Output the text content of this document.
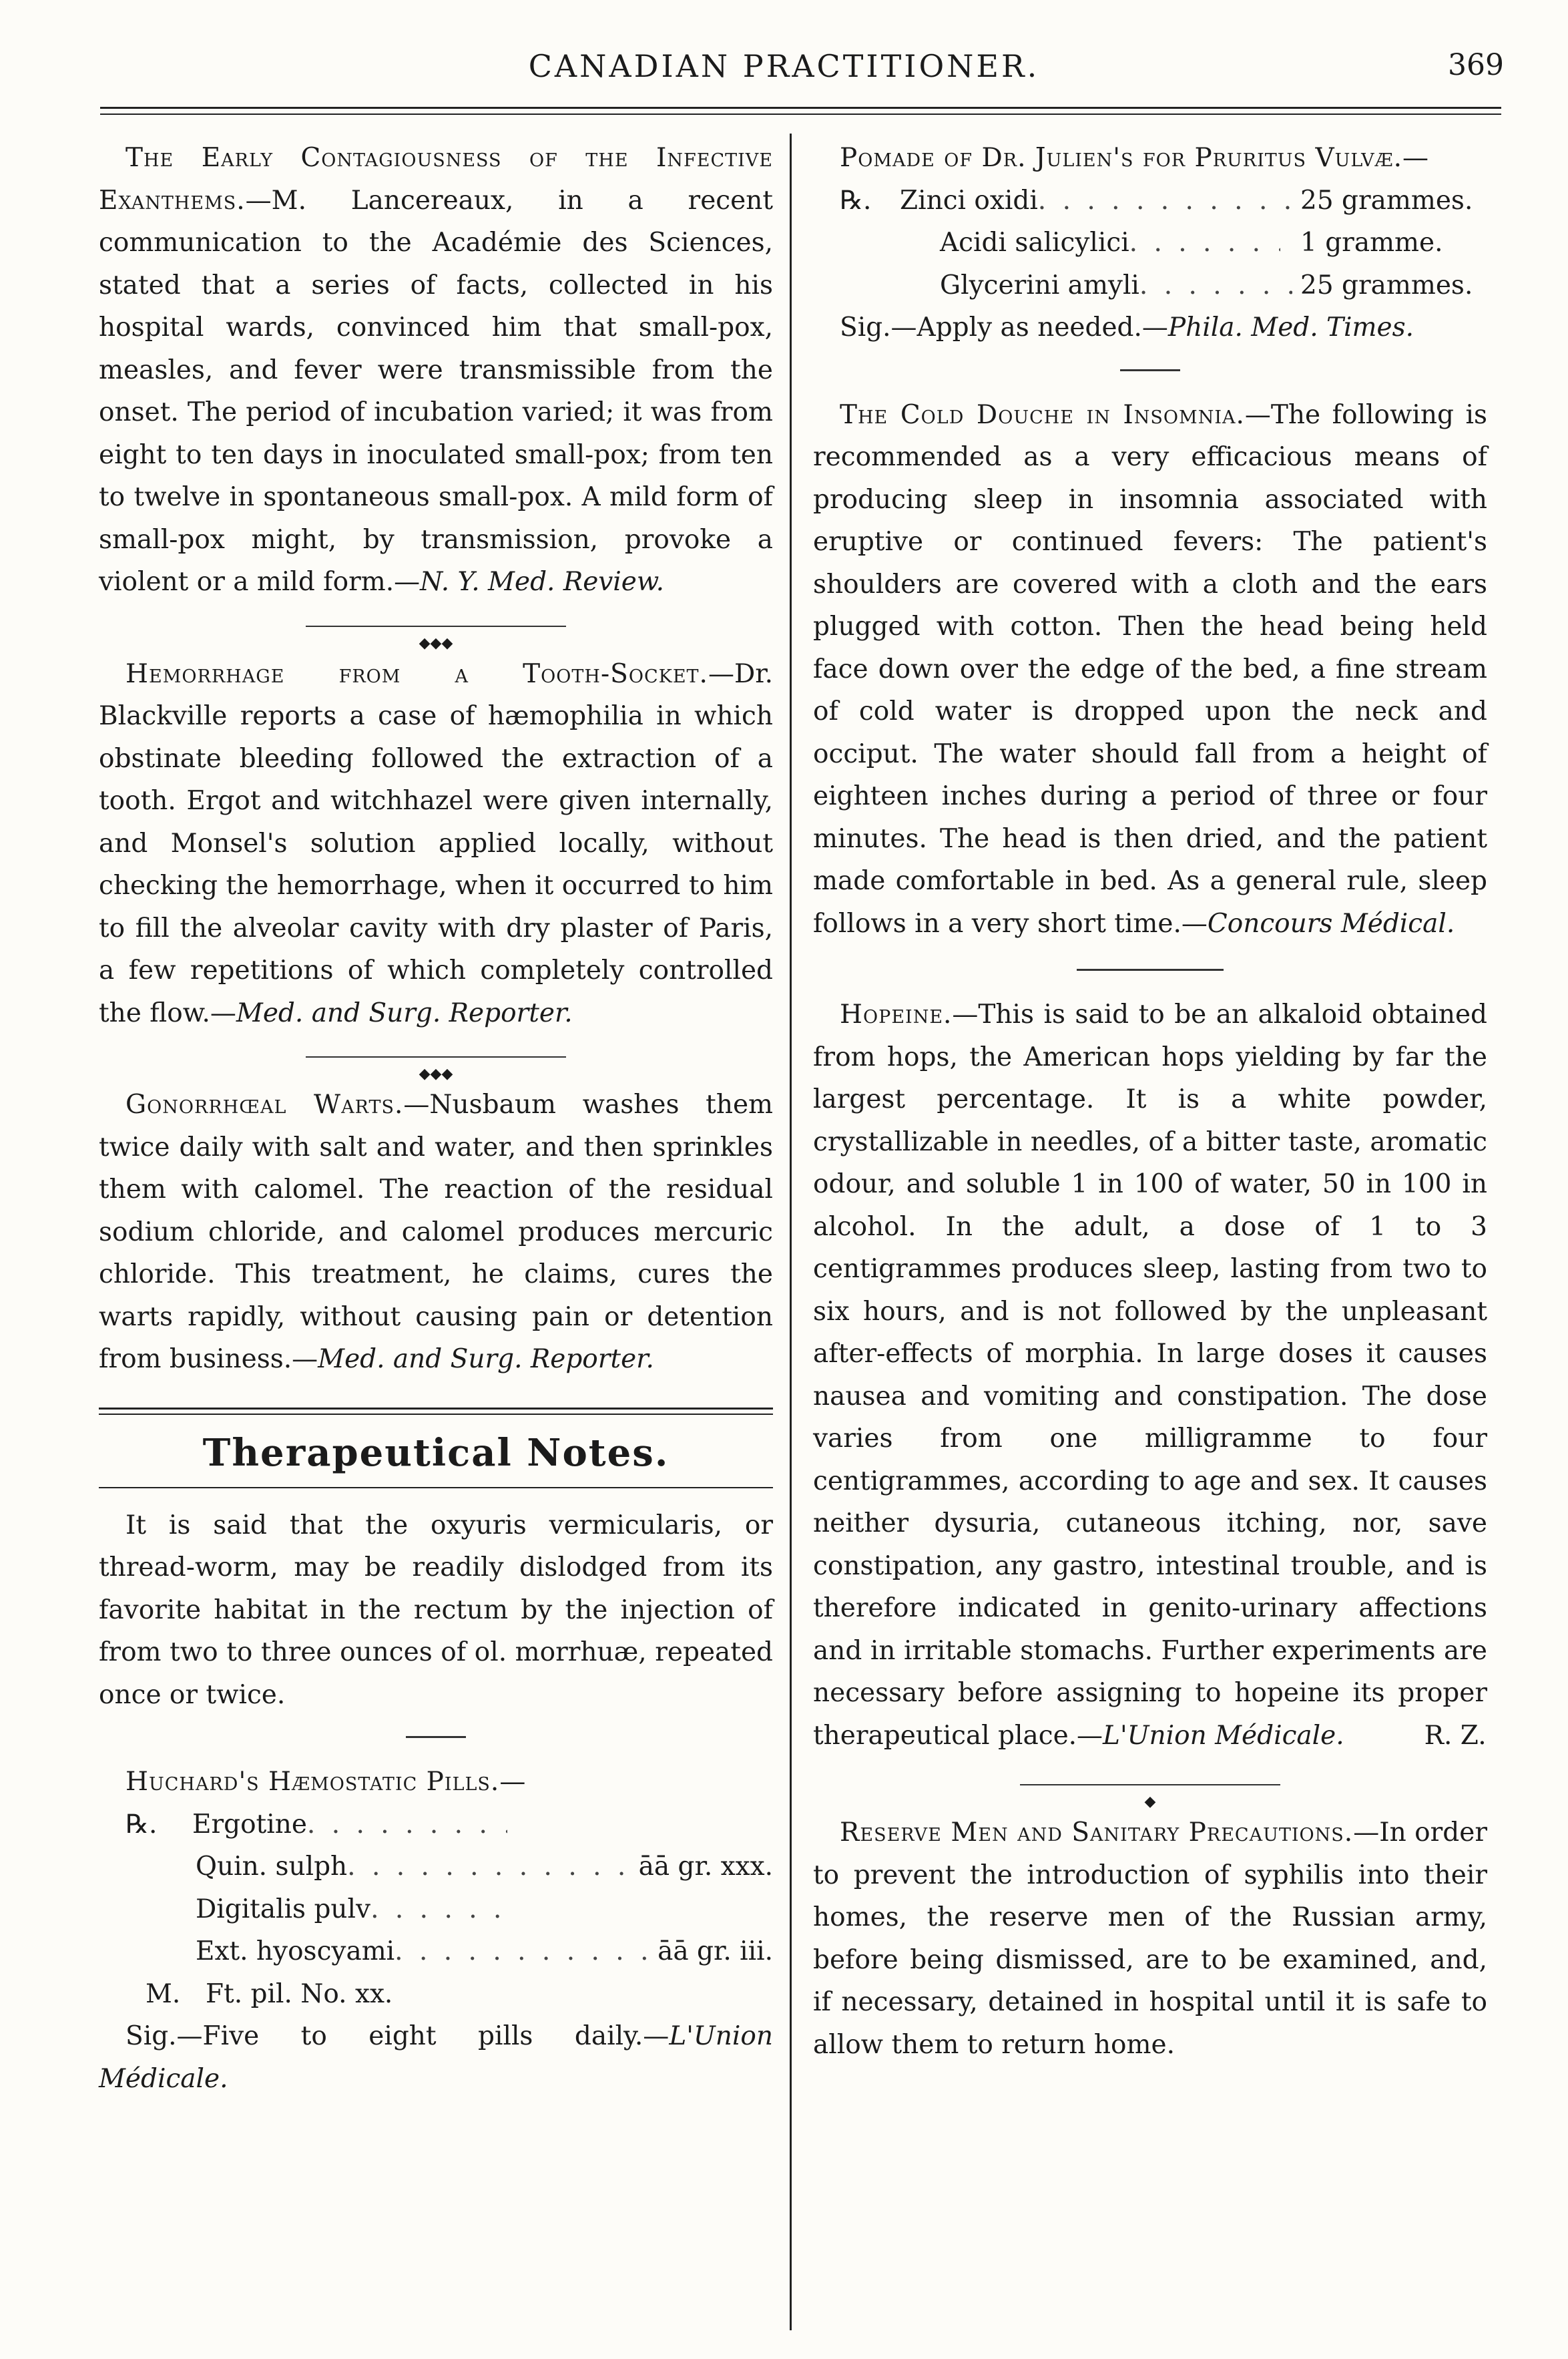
CANADIAN PRACTITIONER.	369

The Early Contagiousness of the Infective Exanthems.—M. Lancereaux, in a recent communication to the Académie des Sciences, stated that a series of facts, collected in his hospital wards, convinced him that small-pox, measles, and fever were transmissible from the onset. The period of incubation varied; it was from eight to ten days in inoculated small-pox; from ten to twelve in spontaneous small-pox. A mild form of small-pox might, by transmission, provoke a violent or a mild form.—N. Y. Med. Review.

◆◆◆

Hemorrhage from a Tooth-Socket.—Dr. Blackville reports a case of hæmophilia in which obstinate bleeding followed the extraction of a tooth. Ergot and witchhazel were given internally, and Monsel's solution applied locally, without checking the hemorrhage, when it occurred to him to fill the alveolar cavity with dry plaster of Paris, a few repetitions of which completely controlled the flow.—Med. and Surg. Reporter.

◆◆◆

Gonorrhœal Warts.—Nusbaum washes them twice daily with salt and water, and then sprinkles them with calomel. The reaction of the residual sodium chloride, and calomel produces mercuric chloride. This treatment, he claims, cures the warts rapidly, without causing pain or detention from business.—Med. and Surg. Reporter.

Therapeutical Notes.

It is said that the oxyuris vermicularis, or thread-worm, may be readily dislodged from its favorite habitat in the rectum by the injection of from two to three ounces of ol. morrhuæ, repeated once or twice.

Huchard's Hæmostatic Pills.—
℞.	Ergotine
. . .
Quin. sulph . . .	āā gr. xxx.
Digitalis pulv
. . .
Ext. hyoscyami . . .	āā gr. iii.
M. Ft. pil. No. xx.

Sig.—Five to eight pills daily.—L'Union Médicale.

Pomade of Dr. Julien's for Pruritus Vulvæ.—

℞.	Zinci oxidi . . .	25 grammes.
Acidi salicylici . . .	1 gramme.
Glycerini amyli . . .	25 grammes.

Sig.—Apply as needed.—Phila. Med. Times.

The Cold Douche in Insomnia.—The following is recommended as a very efficacious means of producing sleep in insomnia associated with eruptive or continued fevers: The patient's shoulders are covered with a cloth and the ears plugged with cotton. Then the head being held face down over the edge of the bed, a fine stream of cold water is dropped upon the neck and occiput. The water should fall from a height of eighteen inches during a period of three or four minutes. The head is then dried, and the patient made comfortable in bed. As a general rule, sleep follows in a very short time.—Concours Médical.

Hopeine.—This is said to be an alkaloid obtained from hops, the American hops yielding by far the largest percentage. It is a white powder, crystallizable in needles, of a bitter taste, aromatic odour, and soluble 1 in 100 of water, 50 in 100 in alcohol. In the adult, a dose of 1 to 3 centigrammes produces sleep, lasting from two to six hours, and is not followed by the unpleasant after-effects of morphia. In large doses it causes nausea and vomiting and constipation. The dose varies from one milligramme to four centigrammes, according to age and sex. It causes neither dysuria, cutaneous itching, nor, save constipation, any gastro, intestinal trouble, and is therefore indicated in genito-urinary affections and in irritable stomachs. Further experiments are necessary before assigning to hopeine its proper therapeutical place.—L'Union Médicale.	R. Z.

◆

Reserve Men and Sanitary Precautions.—In order to prevent the introduction of syphilis into their homes, the reserve men of the Russian army, before being dismissed, are to be examined, and, if necessary, detained in hospital until it is safe to allow them to return home.
